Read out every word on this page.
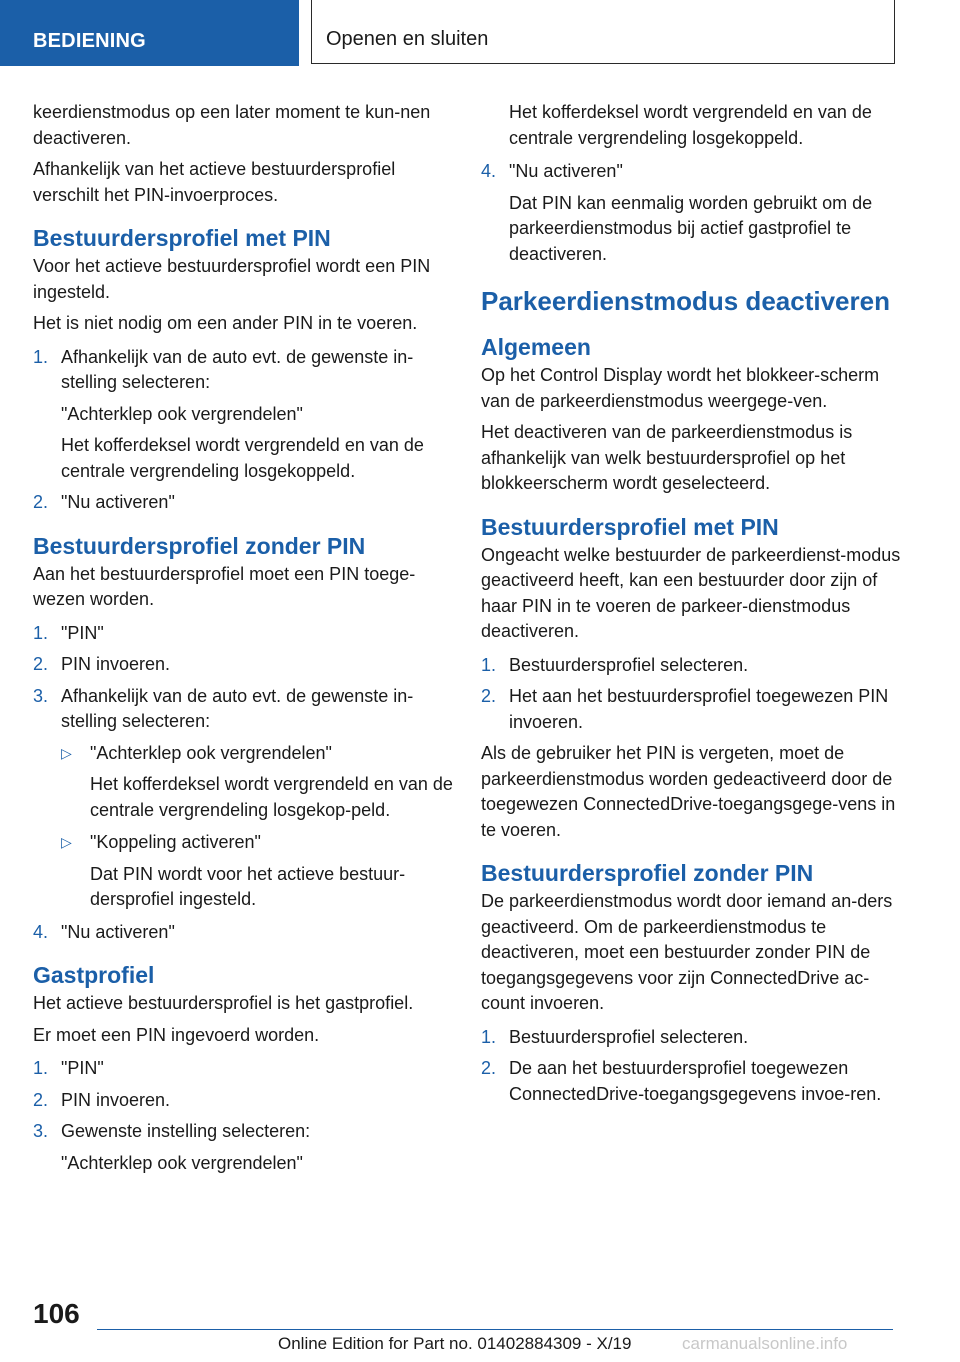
BEDIENING	Openen en sluiten

keerdienstmodus op een later moment te kun-nen deactiveren.

Afhankelijk van het actieve bestuurdersprofiel verschilt het PIN-invoerproces.

Bestuurdersprofiel met PIN

Voor het actieve bestuurdersprofiel wordt een PIN ingesteld.

Het is niet nodig om een ander PIN in te voeren.

1. Afhankelijk van de auto evt. de gewenste in-stelling selecteren:
"Achterklep ook vergrendelen"
Het kofferdeksel wordt vergrendeld en van de centrale vergrendeling losgekoppeld.
2. "Nu activeren"
Bestuurdersprofiel zonder PIN

Aan het bestuurdersprofiel moet een PIN toege-wezen worden.

1. "PIN"
2. PIN invoeren.
3. Afhankelijk van de auto evt. de gewenste in-stelling selecteren:
▷ "Achterklep ook vergrendelen"
Het kofferdeksel wordt vergrendeld en van de centrale vergrendeling losgekop-peld.
▷ "Koppeling activeren"
Dat PIN wordt voor het actieve bestuur-dersprofiel ingesteld.
4. "Nu activeren"
Gastprofiel

Het actieve bestuurdersprofiel is het gastprofiel.

Er moet een PIN ingevoerd worden.

1. "PIN"
2. PIN invoeren.
3. Gewenste instelling selecteren:
"Achterklep ook vergrendelen"
Het kofferdeksel wordt vergrendeld en van de centrale vergrendeling losgekoppeld.
4. "Nu activeren"
Dat PIN kan eenmalig worden gebruikt om de parkeerdienstmodus bij actief gastprofiel te deactiveren.
Parkeerdienstmodus deactiveren
Algemeen

Op het Control Display wordt het blokkeer-scherm van de parkeerdienstmodus weergege-ven.

Het deactiveren van de parkeerdienstmodus is afhankelijk van welk bestuurdersprofiel op het blokkeerscherm wordt geselecteerd.

Bestuurdersprofiel met PIN

Ongeacht welke bestuurder de parkeerdienst-modus geactiveerd heeft, kan een bestuurder door zijn of haar PIN in te voeren de parkeer-dienstmodus deactiveren.

1. Bestuurdersprofiel selecteren.
2. Het aan het bestuurdersprofiel toegewezen PIN invoeren.

Als de gebruiker het PIN is vergeten, moet de parkeerdienstmodus worden gedeactiveerd door de toegewezen ConnectedDrive-toegangsgege-vens in te voeren.

Bestuurdersprofiel zonder PIN

De parkeerdienstmodus wordt door iemand an-ders geactiveerd. Om de parkeerdienstmodus te deactiveren, moet een bestuurder zonder PIN de toegangsgegevens voor zijn ConnectedDrive ac-count invoeren.

1. Bestuurdersprofiel selecteren.
2. De aan het bestuurdersprofiel toegewezen ConnectedDrive-toegangsgegevens invoe-ren.
106
Online Edition for Part no. 01402884309 - X/19	carmanualsonline.info
